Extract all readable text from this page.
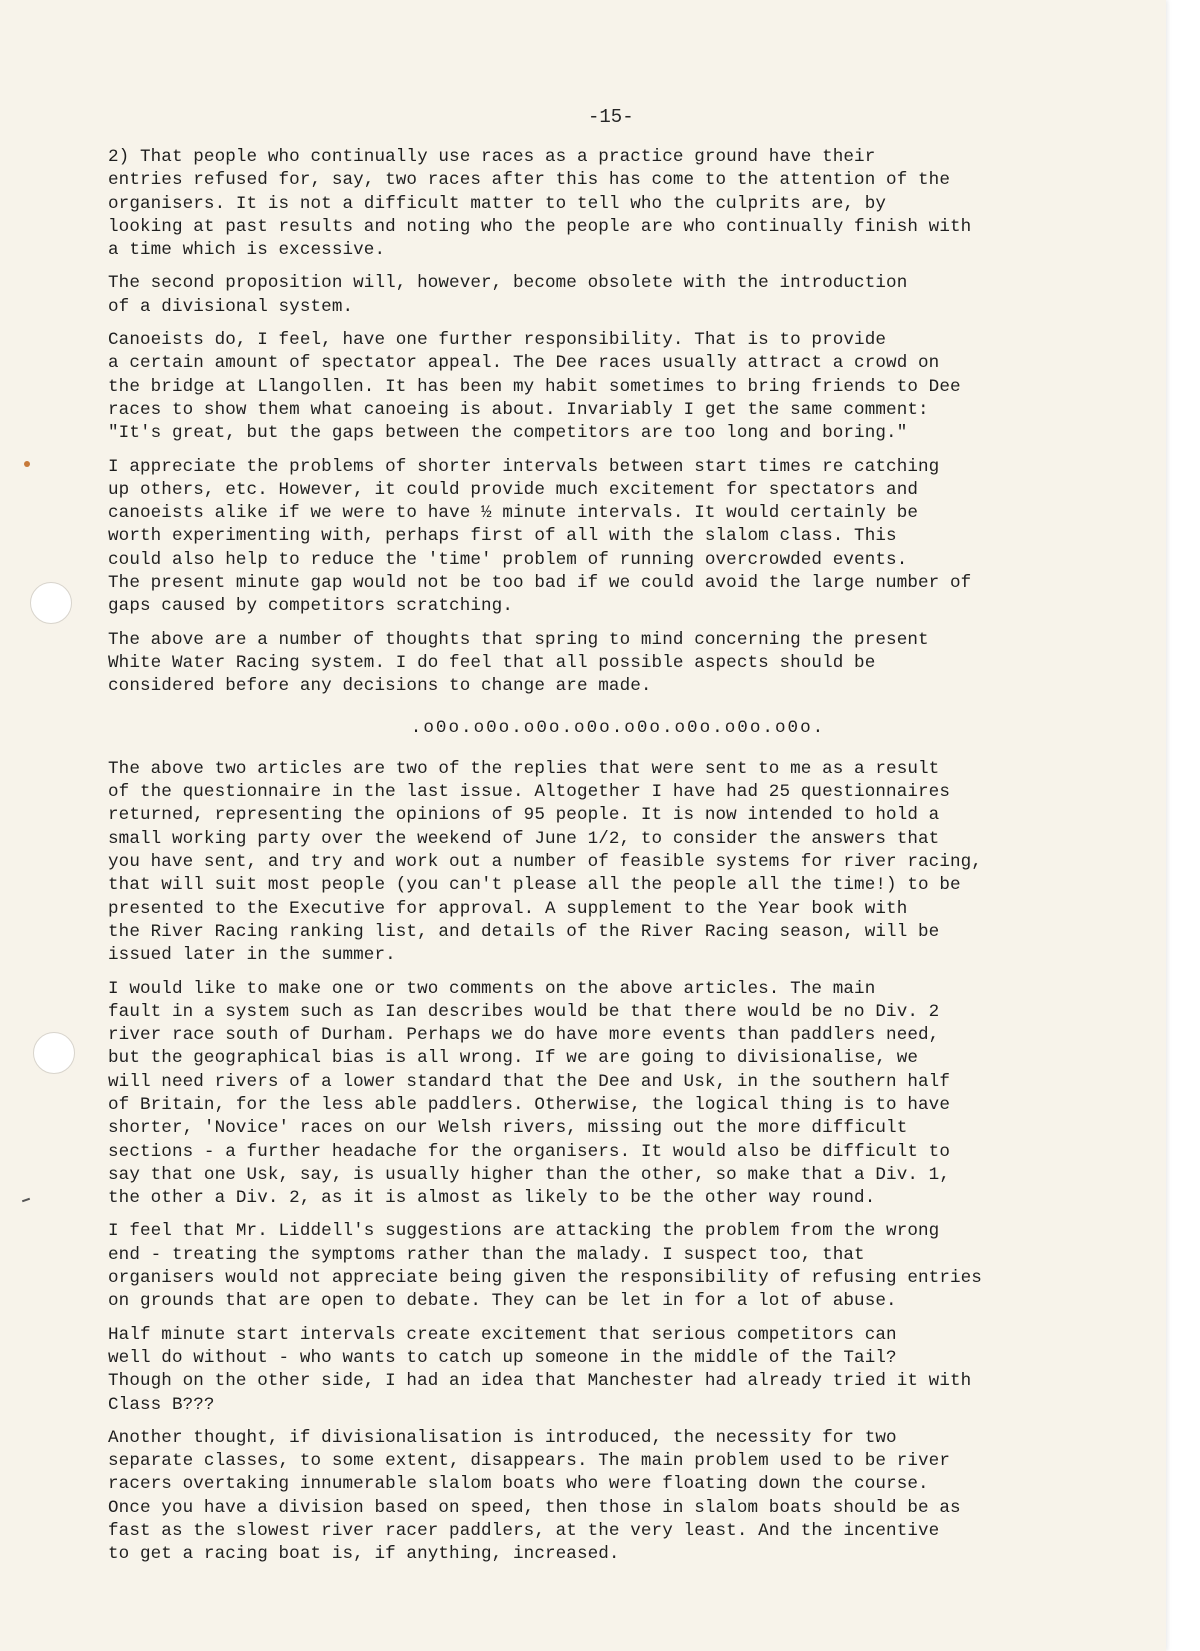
-15-

2) That people who continually use races as a practice ground have their
entries refused for, say, two races after this has come to the attention of the
organisers. It is not a difficult matter to tell who the culprits are, by
looking at past results and noting who the people are who continually finish with
a time which is excessive.

The second proposition will, however, become obsolete with the introduction
of a divisional system.

Canoeists do, I feel, have one further responsibility. That is to provide
a certain amount of spectator appeal. The Dee races usually attract a crowd on
the bridge at Llangollen. It has been my habit sometimes to bring friends to Dee
races to show them what canoeing is about. Invariably I get the same comment:
"It's great, but the gaps between the competitors are too long and boring."

I appreciate the problems of shorter intervals between start times re catching
up others, etc. However, it could provide much excitement for spectators and
canoeists alike if we were to have ½ minute intervals. It would certainly be
worth experimenting with, perhaps first of all with the slalom class. This
could also help to reduce the 'time' problem of running overcrowded events.
The present minute gap would not be too bad if we could avoid the large number of
gaps caused by competitors scratching.

The above are a number of thoughts that spring to mind concerning the present
White Water Racing system. I do feel that all possible aspects should be
considered before any decisions to change are made.

.o0o.o0o.o0o.o0o.o0o.o0o.o0o.o0o.

The above two articles are two of the replies that were sent to me as a result
of the questionnaire in the last issue. Altogether I have had 25 questionnaires
returned, representing the opinions of 95 people. It is now intended to hold a
small working party over the weekend of June 1/2, to consider the answers that
you have sent, and try and work out a number of feasible systems for river racing,
that will suit most people (you can't please all the people all the time!) to be
presented to the Executive for approval. A supplement to the Year book with
the River Racing ranking list, and details of the River Racing season, will be
issued later in the summer.

I would like to make one or two comments on the above articles. The main
fault in a system such as Ian describes would be that there would be no Div. 2
river race south of Durham. Perhaps we do have more events than paddlers need,
but the geographical bias is all wrong. If we are going to divisionalise, we
will need rivers of a lower standard that the Dee and Usk, in the southern half
of Britain, for the less able paddlers. Otherwise, the logical thing is to have
shorter, 'Novice' races on our Welsh rivers, missing out the more difficult
sections - a further headache for the organisers. It would also be difficult to
say that one Usk, say, is usually higher than the other, so make that a Div. 1,
the other a Div. 2, as it is almost as likely to be the other way round.

I feel that Mr. Liddell's suggestions are attacking the problem from the wrong
end - treating the symptoms rather than the malady. I suspect too, that
organisers would not appreciate being given the responsibility of refusing entries
on grounds that are open to debate. They can be let in for a lot of abuse.

Half minute start intervals create excitement that serious competitors can
well do without - who wants to catch up someone in the middle of the Tail?
Though on the other side, I had an idea that Manchester had already tried it with
Class B???

Another thought, if divisionalisation is introduced, the necessity for two
separate classes, to some extent, disappears. The main problem used to be river
racers overtaking innumerable slalom boats who were floating down the course.
Once you have a division based on speed, then those in slalom boats should be as
fast as the slowest river racer paddlers, at the very least. And the incentive
to get a racing boat is, if anything, increased.
